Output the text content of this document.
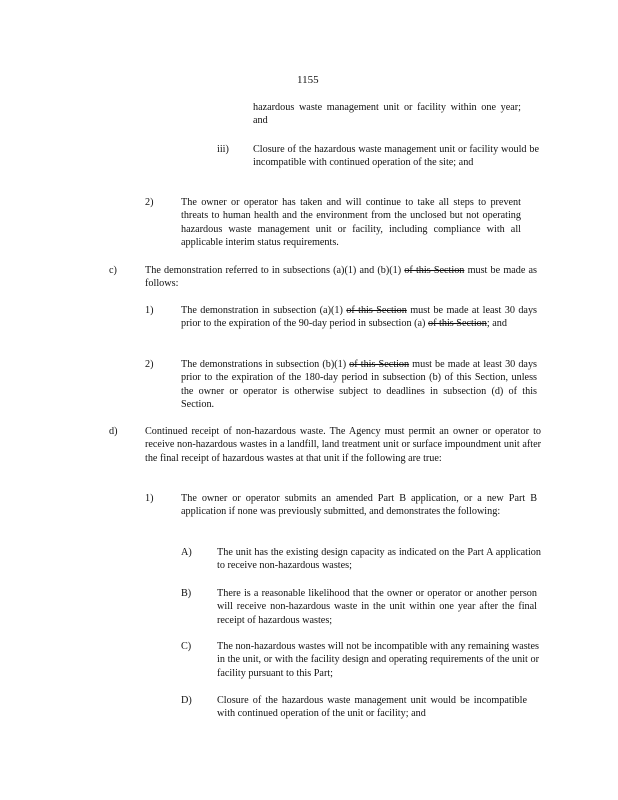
1155
hazardous waste management unit or facility within one year; and
iii) Closure of the hazardous waste management unit or facility would be incompatible with continued operation of the site; and
2)	The owner or operator has taken and will continue to take all steps to prevent threats to human health and the environment from the unclosed but not operating hazardous waste management unit or facility, including compliance with all applicable interim status requirements.
c)	The demonstration referred to in subsections (a)(1) and (b)(1) of this Section must be made as follows:
1)	The demonstration in subsection (a)(1) of this Section must be made at least 30 days prior to the expiration of the 90-day period in subsection (a) of this Section; and
2)	The demonstrations in subsection (b)(1) of this Section must be made at least 30 days prior to the expiration of the 180-day period in subsection (b) of this Section, unless the owner or operator is otherwise subject to deadlines in subsection (d) of this Section.
d)	Continued receipt of non-hazardous waste. The Agency must permit an owner or operator to receive non-hazardous wastes in a landfill, land treatment unit or surface impoundment unit after the final receipt of hazardous wastes at that unit if the following are true:
1)	The owner or operator submits an amended Part B application, or a new Part B application if none was previously submitted, and demonstrates the following:
A) The unit has the existing design capacity as indicated on the Part A application to receive non-hazardous wastes;
B)	There is a reasonable likelihood that the owner or operator or another person will receive non-hazardous waste in the unit within one year after the final receipt of hazardous wastes;
C)	The non-hazardous wastes will not be incompatible with any remaining wastes in the unit, or with the facility design and operating requirements of the unit or facility pursuant to this Part;
D) Closure of the hazardous waste management unit would be incompatible with continued operation of the unit or facility; and
